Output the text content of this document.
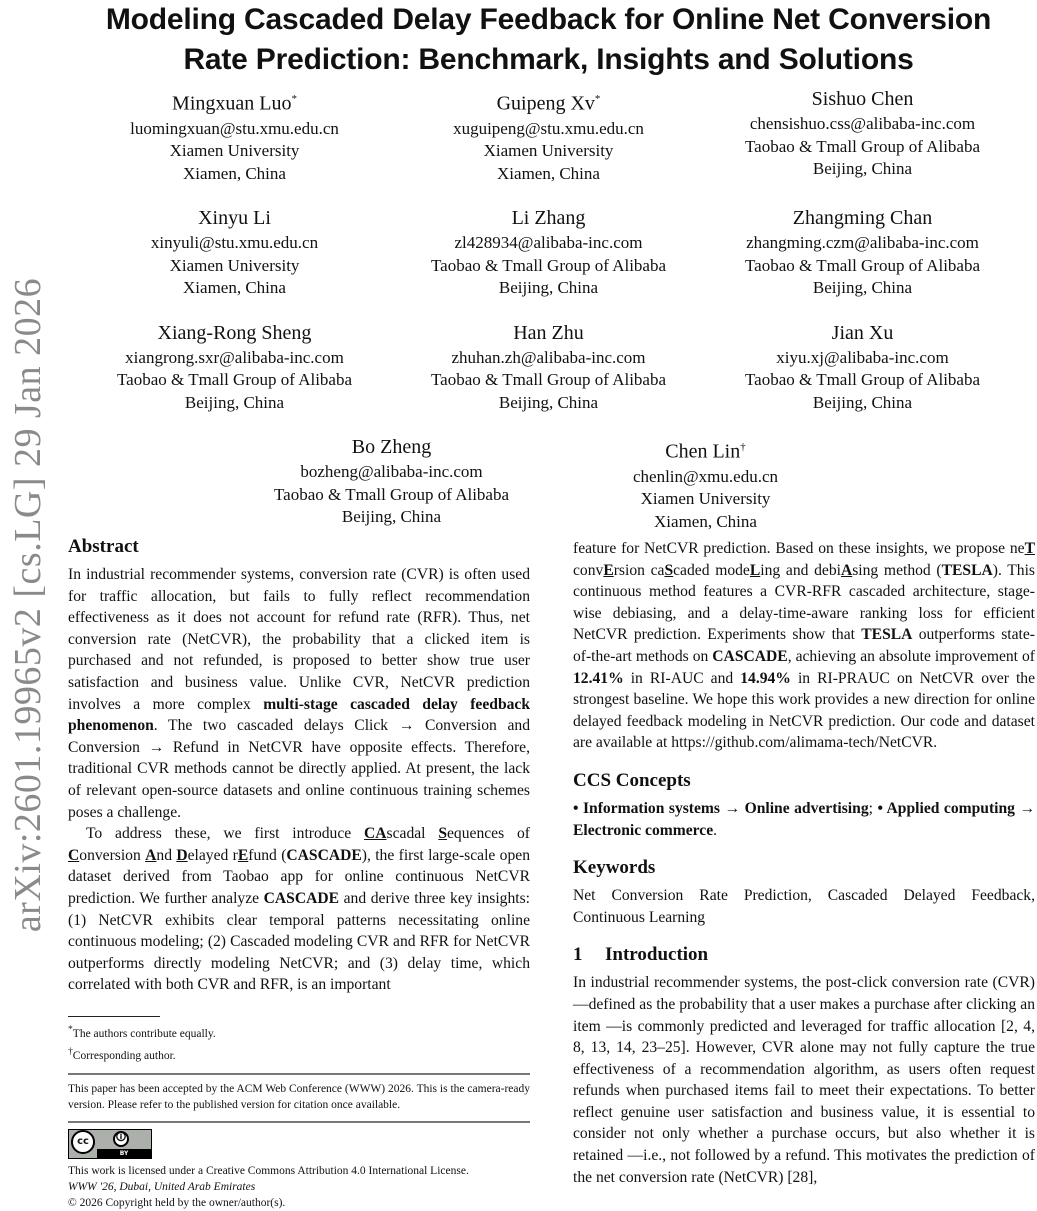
arXiv:2601.19965v2 [cs.LG] 29 Jan 2026
Modeling Cascaded Delay Feedback for Online Net Conversion
Rate Prediction: Benchmark, Insights and Solutions
Mingxuan Luo*
luomingxuan@stu.xmu.edu.cn
Xiamen University
Xiamen, China
Guipeng Xv*
xuguipeng@stu.xmu.edu.cn
Xiamen University
Xiamen, China
Sishuo Chen
chensishuo.css@alibaba-inc.com
Taobao & Tmall Group of Alibaba
Beijing, China
Xinyu Li
xinyuli@stu.xmu.edu.cn
Xiamen University
Xiamen, China
Li Zhang
zl428934@alibaba-inc.com
Taobao & Tmall Group of Alibaba
Beijing, China
Zhangming Chan
zhangming.czm@alibaba-inc.com
Taobao & Tmall Group of Alibaba
Beijing, China
Xiang-Rong Sheng
xiangrong.sxr@alibaba-inc.com
Taobao & Tmall Group of Alibaba
Beijing, China
Han Zhu
zhuhan.zh@alibaba-inc.com
Taobao & Tmall Group of Alibaba
Beijing, China
Jian Xu
xiyu.xj@alibaba-inc.com
Taobao & Tmall Group of Alibaba
Beijing, China
Bo Zheng
bozheng@alibaba-inc.com
Taobao & Tmall Group of Alibaba
Beijing, China
Chen Lin†
chenlin@xmu.edu.cn
Xiamen University
Xiamen, China
Abstract

In industrial recommender systems, conversion rate (CVR) is often used for traffic allocation, but fails to fully reflect recommendation effectiveness as it does not account for refund rate (RFR). Thus, net conversion rate (NetCVR), the probability that a clicked item is purchased and not refunded, is proposed to better show true user satisfaction and business value. Unlike CVR, NetCVR prediction involves a more complex multi-stage cascaded delay feedback phenomenon. The two cascaded delays Click → Conversion and Conversion → Refund in NetCVR have opposite effects. Therefore, traditional CVR methods cannot be directly applied. At present, the lack of relevant open-source datasets and online continuous training schemes poses a challenge.

To address these, we first introduce CAscadal Sequences of Conversion And Delayed rEfund (CASCADE), the first large-scale open dataset derived from Taobao app for online continuous NetCVR prediction. We further analyze CASCADE and derive three key insights: (1) NetCVR exhibits clear temporal patterns necessitating online continuous modeling; (2) Cascaded modeling CVR and RFR for NetCVR outperforms directly modeling NetCVR; and (3) delay time, which correlated with both CVR and RFR, is an important

*The authors contribute equally.
†Corresponding author.
This paper has been accepted by the ACM Web Conference (WWW) 2026. This is the camera-ready version. Please refer to the published version for citation once available.
cc	🛈
BY
This work is licensed under a Creative Commons Attribution 4.0 International License.
WWW '26, Dubai, United Arab Emirates
© 2026 Copyright held by the owner/author(s).

feature for NetCVR prediction. Based on these insights, we propose neT convErsion caScaded modeLing and debiAsing method (TESLA). This continuous method features a CVR-RFR cascaded architecture, stage-wise debiasing, and a delay-time-aware ranking loss for efficient NetCVR prediction. Experiments show that TESLA outperforms state-of-the-art methods on CASCADE, achieving an absolute improvement of 12.41% in RI-AUC and 14.94% in RI-PRAUC on NetCVR over the strongest baseline. We hope this work provides a new direction for online delayed feedback modeling in NetCVR prediction. Our code and dataset are available at https://github.com/alimama-tech/NetCVR.

CCS Concepts

• Information systems → Online advertising; • Applied computing → Electronic commerce.

Keywords

Net Conversion Rate Prediction, Cascaded Delayed Feedback, Continuous Learning

1 Introduction

In industrial recommender systems, the post-click conversion rate (CVR) —defined as the probability that a user makes a purchase after clicking an item —is commonly predicted and leveraged for traffic allocation [2, 4, 8, 13, 14, 23–25]. However, CVR alone may not fully capture the true effectiveness of a recommendation algorithm, as users often request refunds when purchased items fail to meet their expectations. To better reflect genuine user satisfaction and business value, it is essential to consider not only whether a purchase occurs, but also whether it is retained —i.e., not followed by a refund. This motivates the prediction of the net conversion rate (NetCVR) [28],
